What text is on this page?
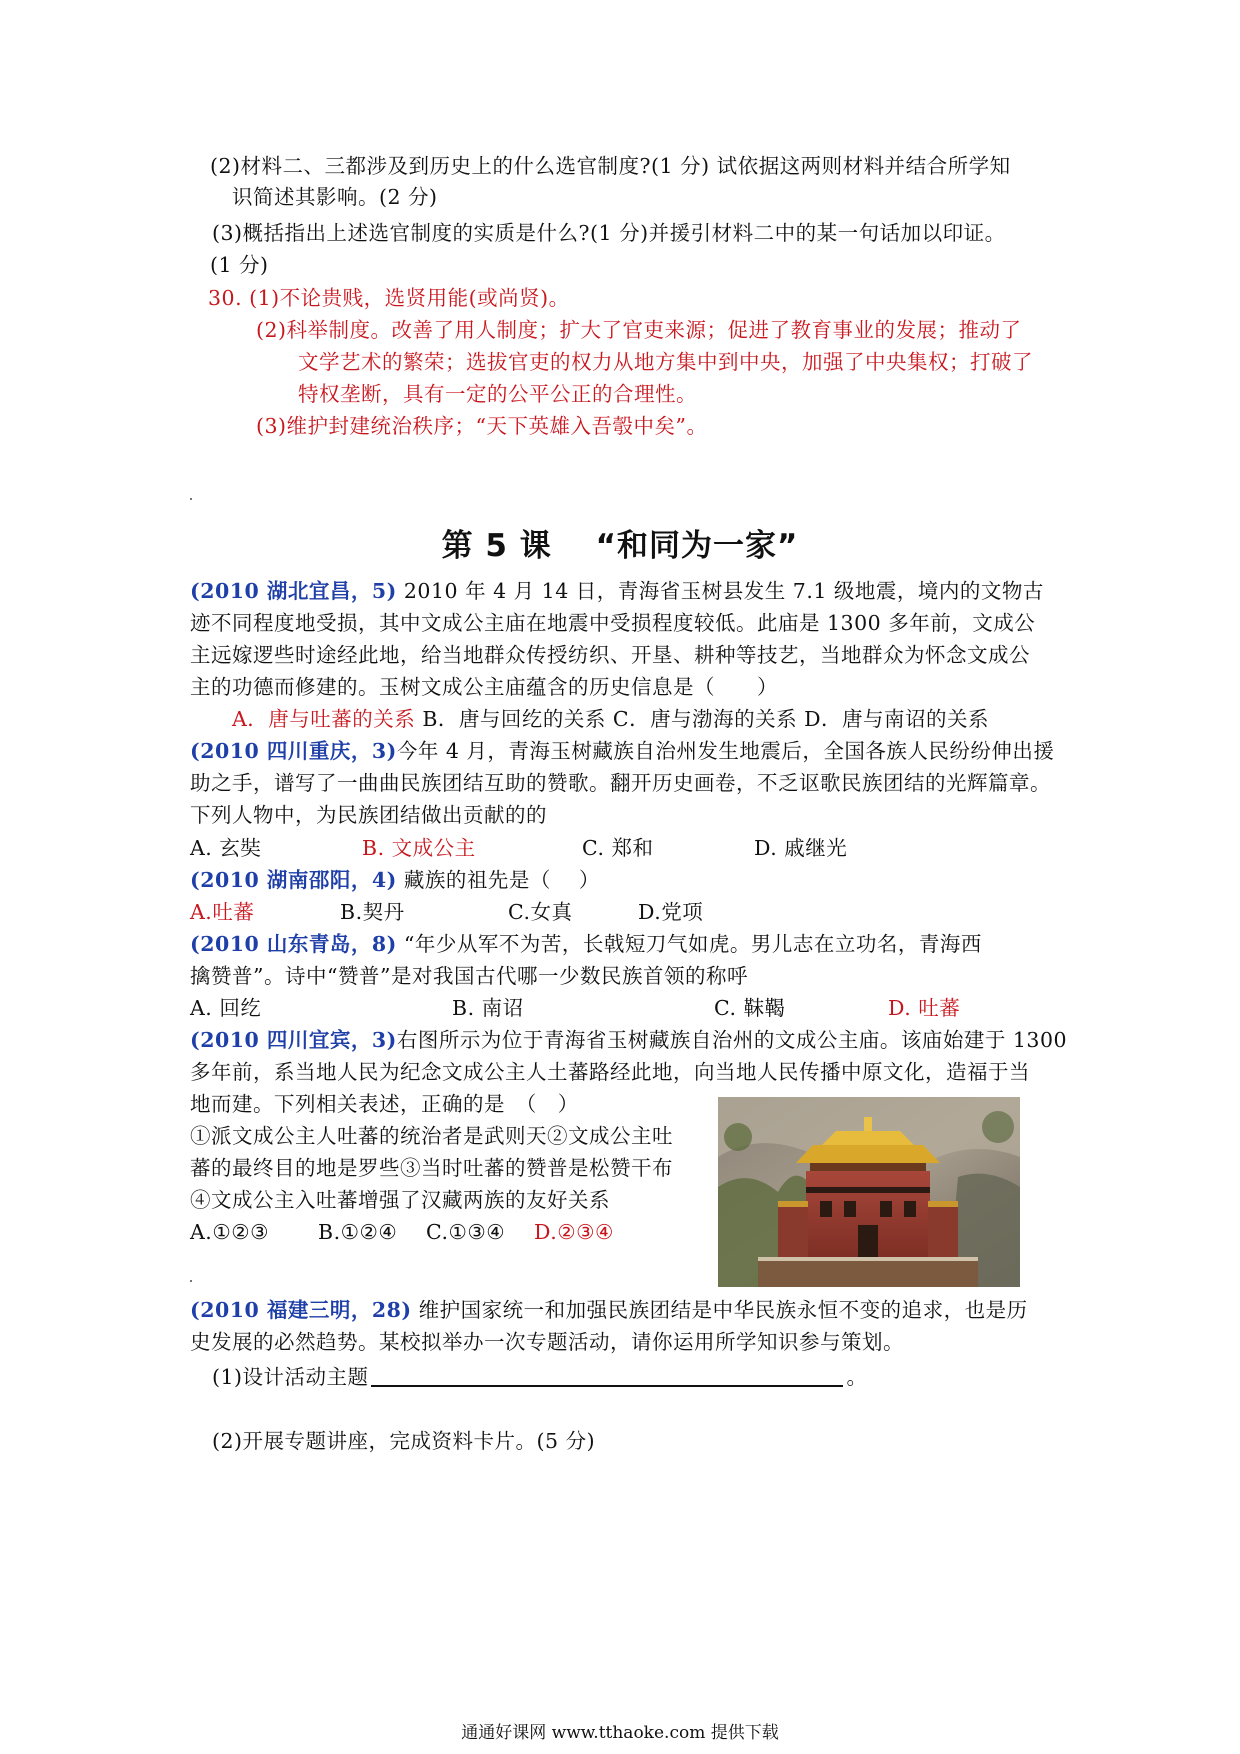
(2)材料二、三都涉及到历史上的什么选官制度?(1 分) 试依据这两则材料并结合所学知
识简述其影响。(2 分)
(3)概括指出上述选官制度的实质是什么?(1 分)并援引材料二中的某一句话加以印证。
(1 分)
30. (1)不论贵贱，选贤用能(或尚贤)。
(2)科举制度。改善了用人制度；扩大了官吏来源；促进了教育事业的发展；推动了
文学艺术的繁荣；选拔官吏的权力从地方集中到中央，加强了中央集权；打破了
特权垄断，具有一定的公平公正的合理性。
(3)维护封建统治秩序；“天下英雄入吾彀中矣”。
第 5 课　 “和同为一家”
(2010 湖北宜昌，5) 2010 年 4 月 14 日，青海省玉树县发生 7.1 级地震，境内的文物古
迹不同程度地受损，其中文成公主庙在地震中受损程度较低。此庙是 1300 多年前，文成公
主远嫁逻些时途经此地，给当地群众传授纺织、开垦、耕种等技艺，当地群众为怀念文成公
主的功德而修建的。玉树文成公主庙蕴含的历史信息是（　　）
A．唐与吐蕃的关系 B．唐与回纥的关系 C．唐与渤海的关系 D．唐与南诏的关系
(2010 四川重庆，3)今年 4 月，青海玉树藏族自治州发生地震后，全国各族人民纷纷伸出援
助之手，谱写了一曲曲民族团结互助的赞歌。翻开历史画卷，不乏讴歌民族团结的光辉篇章。
下列人物中，为民族团结做出贡献的的
A. 玄奘	B. 文成公主	C. 郑和	D. 戚继光
(2010 湖南邵阳，4) 藏族的祖先是（　 ）
A.吐蕃	B.契丹	C.女真	D.党项
(2010 山东青岛，8) “年少从军不为苦，长戟短刀气如虎。男儿志在立功名，青海西
擒赞普”。诗中“赞普”是对我国古代哪一少数民族首领的称呼
A. 回纥	B. 南诏	C. 靺鞨	D. 吐蕃
(2010 四川宜宾，3)右图所示为位于青海省玉树藏族自治州的文成公主庙。该庙始建于 1300
多年前，系当地人民为纪念文成公主人土蕃路经此地，向当地人民传播中原文化，造福于当
地而建。下列相关表述，正确的是　（　）
①派文成公主人吐蕃的统治者是武则天②文成公主吐
蕃的最终目的地是罗些③当时吐蕃的赞普是松赞干布
④文成公主入吐蕃增强了汉藏两族的友好关系
A.①②③ B.①②④ C.①③④ D.②③④
(2010 福建三明，28) 维护国家统一和加强民族团结是中华民族永恒不变的追求，也是历
史发展的必然趋势。某校拟举办一次专题活动，请你运用所学知识参与策划。
(1)设计活动主题	。
(2)开展专题讲座，完成资料卡片。(5 分)
通通好课网 www.tthaoke.com 提供下载
